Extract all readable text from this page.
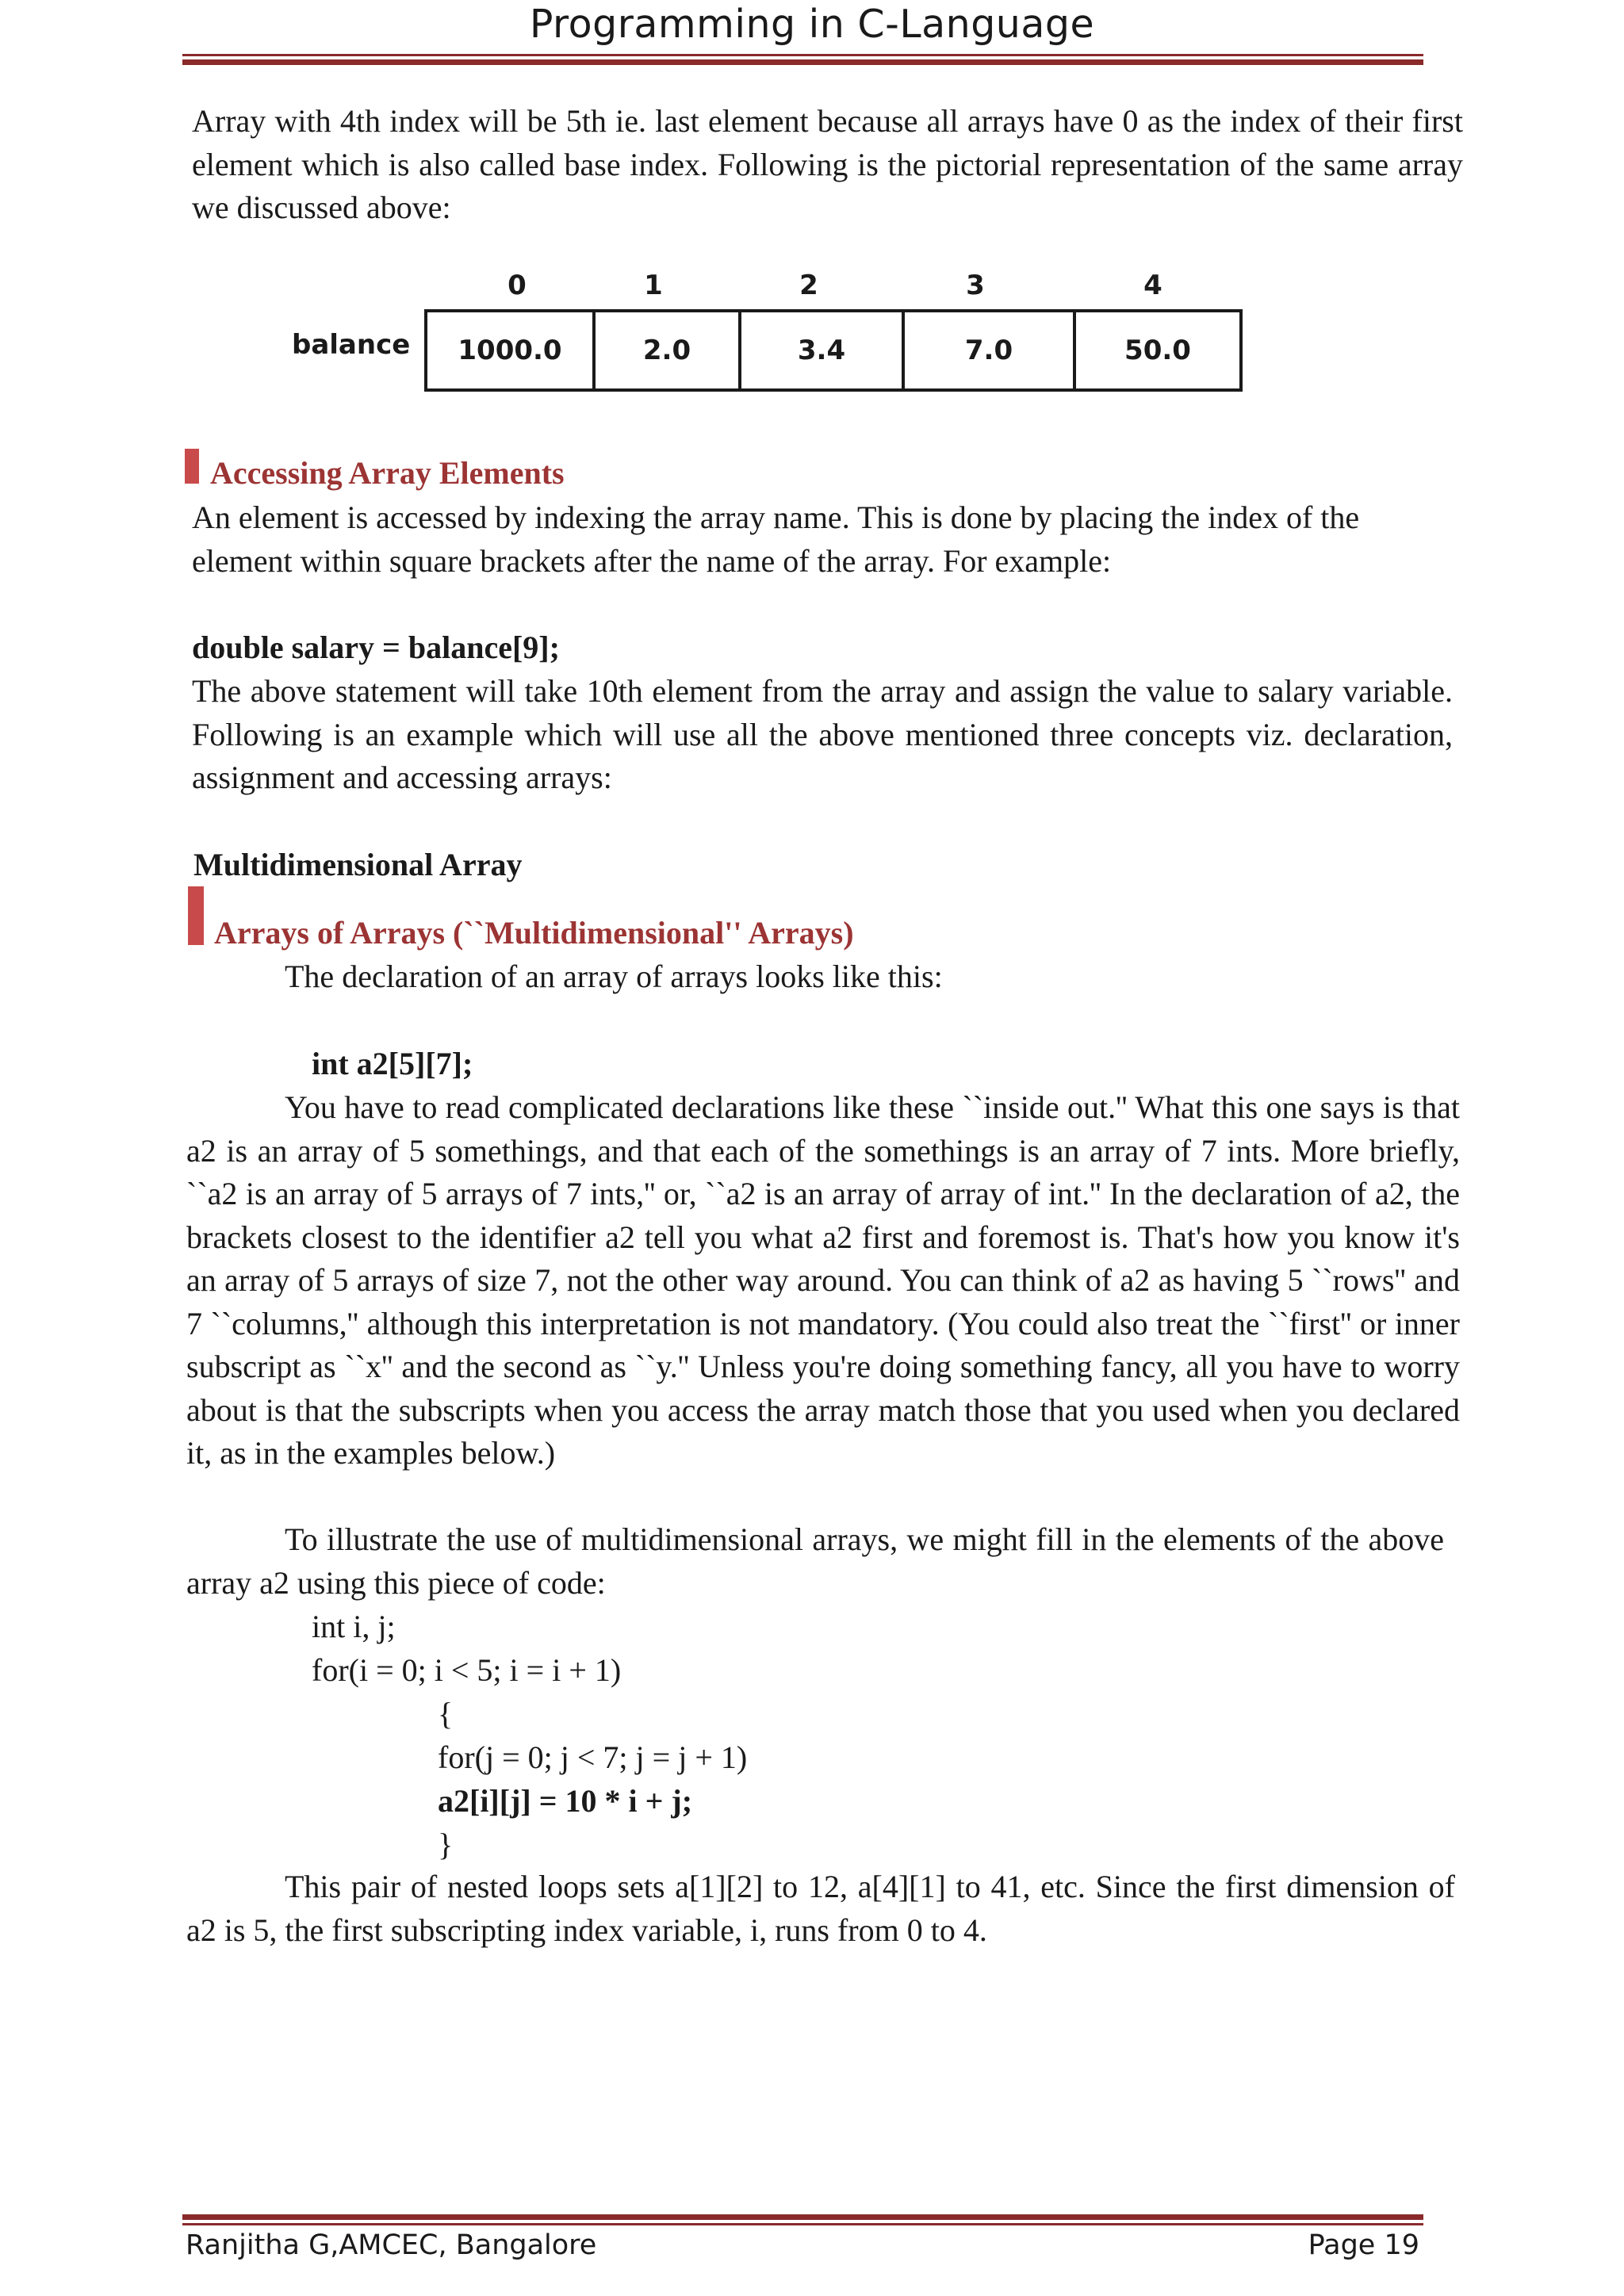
Programming in C-Language

Array with 4th index will be 5th ie. last element because all arrays have 0 as the index of their first element which is also called base index. Following is the pictorial representation of the same array we discussed above:

0	1	2	3	4
balance	1000.0	2.0	3.4	7.0	50.0
Accessing Array Elements

An element is accessed by indexing the array name. This is done by placing the index of the element within square brackets after the name of the array. For example:

double salary = balance[9];

The above statement will take 10th element from the array and assign the value to salary variable. Following is an example which will use all the above mentioned three concepts viz. declaration, assignment and accessing arrays:

Multidimensional Array
Arrays of Arrays (``Multidimensional'' Arrays)
The declaration of an array of arrays looks like this:
int a2[5][7];

You have to read complicated declarations like these ``inside out.'' What this one says is that a2 is an array of 5 somethings, and that each of the somethings is an array of 7 ints. More briefly, ``a2 is an array of 5 arrays of 7 ints,'' or, ``a2 is an array of array of int.'' In the declaration of a2, the brackets closest to the identifier a2 tell you what a2 first and foremost is. That's how you know it's an array of 5 arrays of size 7, not the other way around. You can think of a2 as having 5 ``rows'' and 7 ``columns,'' although this interpretation is not mandatory. (You could also treat the ``first'' or inner subscript as ``x'' and the second as ``y.'' Unless you're doing something fancy, all you have to worry about is that the subscripts when you access the array match those that you used when you declared it, as in the examples below.)

To illustrate the use of multidimensional arrays, we might fill in the elements of the above array a2 using this piece of code:

int i, j;
for(i = 0; i < 5; i = i + 1)
{
for(j = 0; j < 7; j = j + 1)
a2[i][j] = 10 * i + j;
}

This pair of nested loops sets a[1][2] to 12, a[4][1] to 41, etc. Since the first dimension of a2 is 5, the first subscripting index variable, i, runs from 0 to 4.

Ranjitha G,AMCEC, Bangalore	Page 19
